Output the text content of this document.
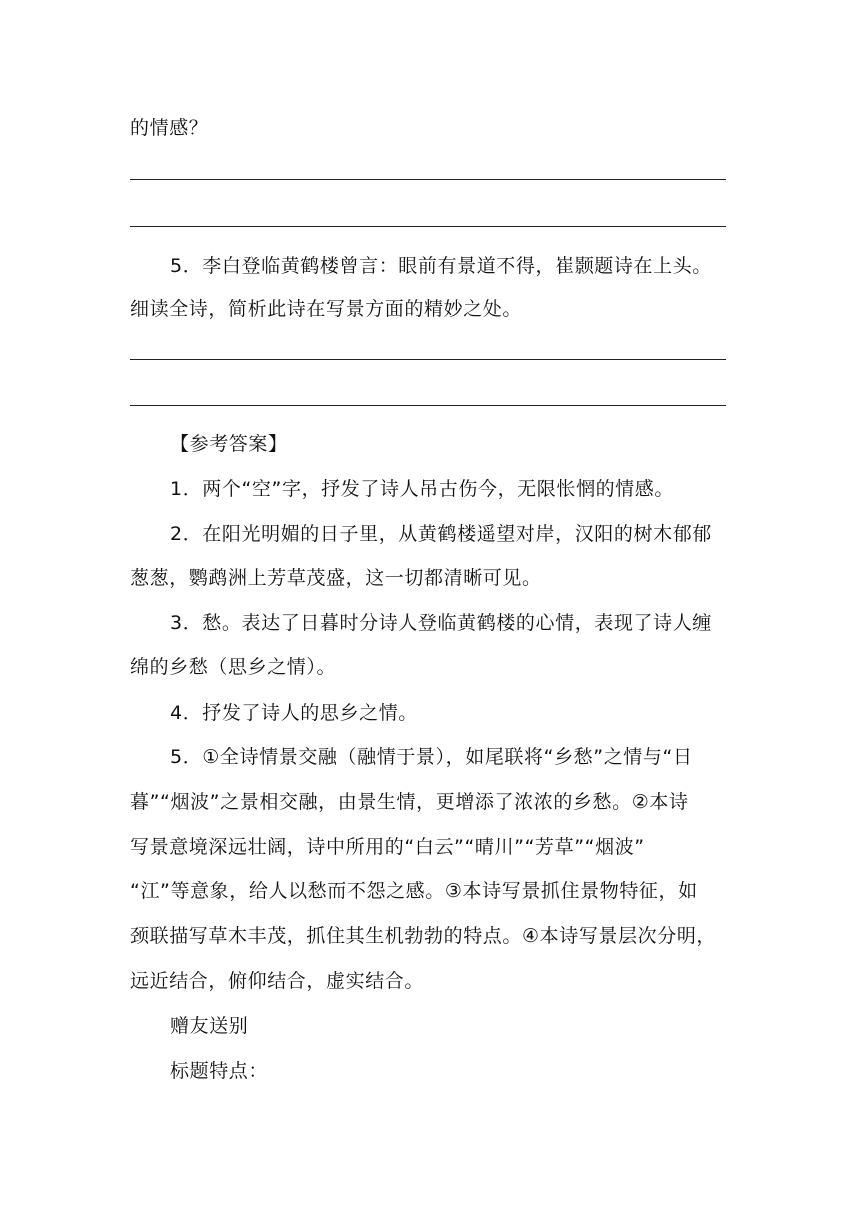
的情感？
5．李白登临黄鹤楼曾言：眼前有景道不得，崔颢题诗在上头。
细读全诗，简析此诗在写景方面的精妙之处。
【参考答案】
1．两个“空”字，抒发了诗人吊古伤今，无限怅惘的情感。
2．在阳光明媚的日子里，从黄鹤楼遥望对岸，汉阳的树木郁郁
葱葱，鹦鹉洲上芳草茂盛，这一切都清晰可见。
3．愁。表达了日暮时分诗人登临黄鹤楼的心情，表现了诗人缠
绵的乡愁（思乡之情）。
4．抒发了诗人的思乡之情。
5．①全诗情景交融（融情于景），如尾联将“乡愁”之情与“日
暮”“烟波”之景相交融，由景生情，更增添了浓浓的乡愁。②本诗
写景意境深远壮阔，诗中所用的“白云”“晴川”“芳草”“烟波”
“江”等意象，给人以愁而不怨之感。③本诗写景抓住景物特征，如
颈联描写草木丰茂，抓住其生机勃勃的特点。④本诗写景层次分明，
远近结合，俯仰结合，虚实结合。
赠友送别
标题特点：
